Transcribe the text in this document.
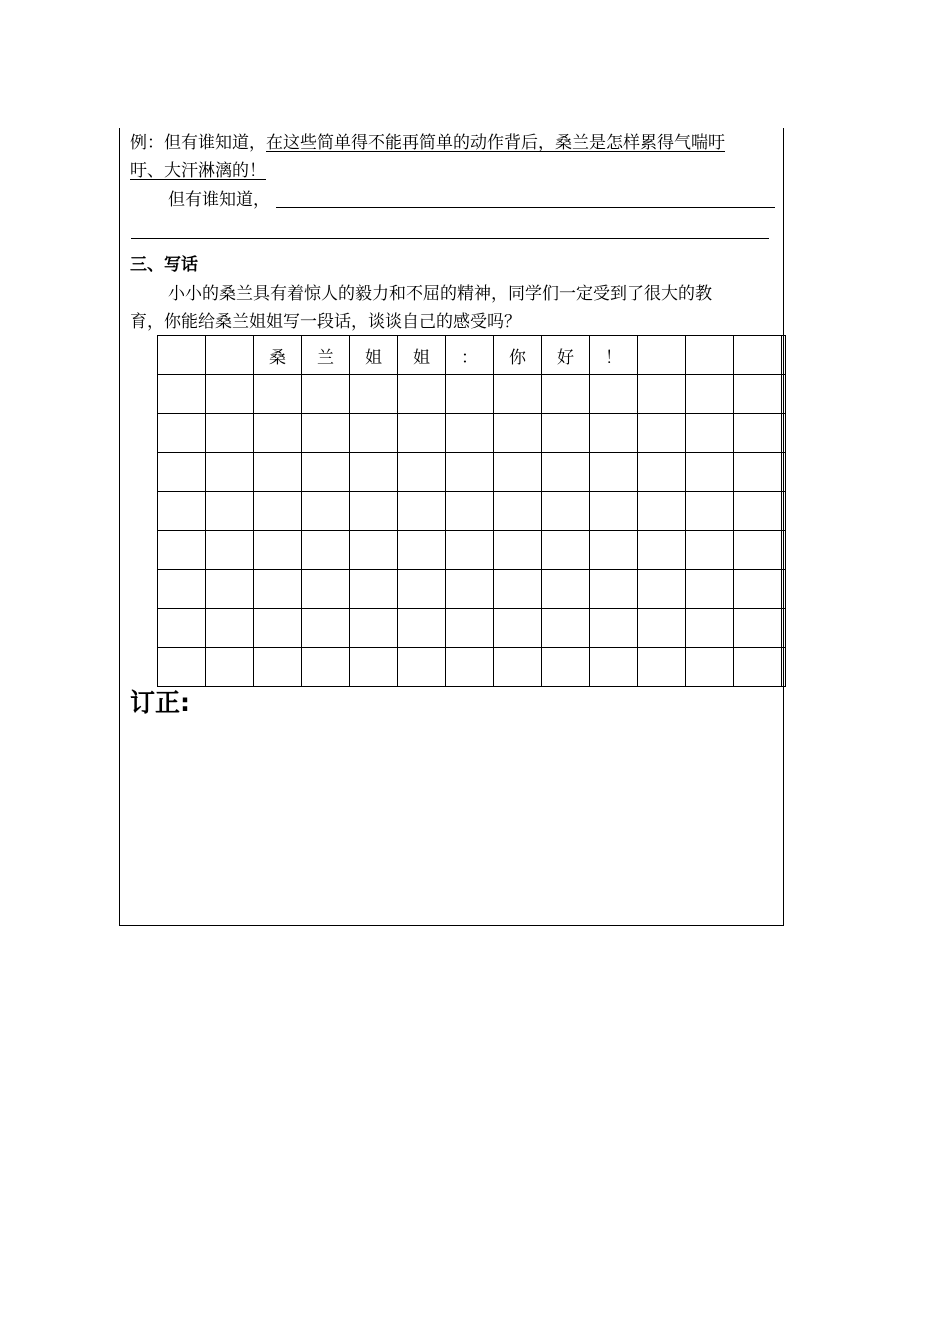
例：但有谁知道，在这些简单得不能再简单的动作背后，桑兰是怎样累得气喘吁
吁、大汗淋漓的！
但有谁知道，
三、写话
小小的桑兰具有着惊人的毅力和不屈的精神，同学们一定受到了很大的教
育，你能给桑兰姐姐写一段话，谈谈自己的感受吗？
		桑	兰	姐	姐	：	你	好	！				

订正:
